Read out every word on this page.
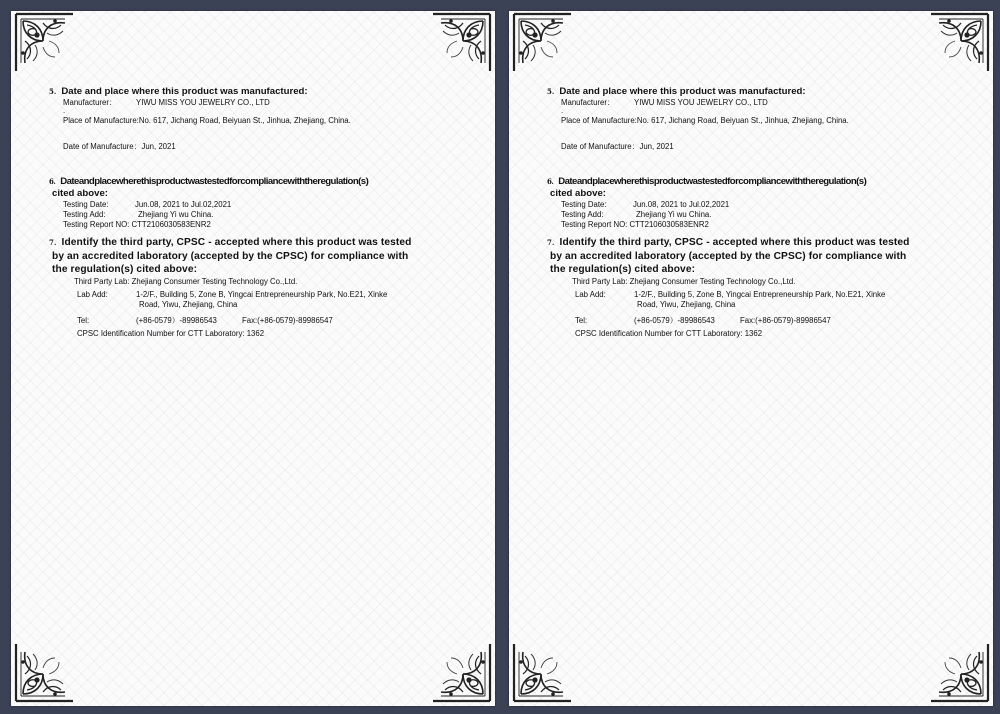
5. Date and place where this product was manufactured:
Manufacturer： YIWU MISS YOU JEWELRY CO., LTD
.
Place of Manufacture:No. 617, Jichang Road, Beiyuan St., Jinhua, Zhejiang, China.
Date of Manufacture：Jun, 2021
6. Dateandplacewherethisproductwastestedforcompliancewiththeregulation(s)
cited above:
Testing Date:	Jun.08, 2021 to Jul.02,2021
Testing Add:	Zhejiang Yi wu China.
Testing Report NO: CTT2106030583ENR2
7. Identify the third party, CPSC - accepted where this product was tested
by an accredited laboratory (accepted by the CPSC) for compliance with
the regulation(s) cited above:
Third Party Lab: Zhejiang Consumer Testing Technology Co.,Ltd.
Lab Add:	1-2/F., Building 5, Zone B, Yingcai Entrepreneurship Park, No.E21, Xinke
Road, Yiwu, Zhejiang, China
Tel:	(+86-0579）-89986543	Fax:(+86-0579)-89986547
CPSC Identification Number for CTT Laboratory: 1362
5. Date and place where this product was manufactured:
Manufacturer： YIWU MISS YOU JEWELRY CO., LTD
.
Place of Manufacture:No. 617, Jichang Road, Beiyuan St., Jinhua, Zhejiang, China.
Date of Manufacture：Jun, 2021
6. Dateandplacewherethisproductwastestedforcompliancewiththeregulation(s)
cited above:
Testing Date:	Jun.08, 2021 to Jul.02,2021
Testing Add:	Zhejiang Yi wu China.
Testing Report NO: CTT2106030583ENR2
7. Identify the third party, CPSC - accepted where this product was tested
by an accredited laboratory (accepted by the CPSC) for compliance with
the regulation(s) cited above:
Third Party Lab: Zhejiang Consumer Testing Technology Co.,Ltd.
Lab Add:	1-2/F., Building 5, Zone B, Yingcai Entrepreneurship Park, No.E21, Xinke
Road, Yiwu, Zhejiang, China
Tel:	(+86-0579）-89986543	Fax:(+86-0579)-89986547
CPSC Identification Number for CTT Laboratory: 1362
